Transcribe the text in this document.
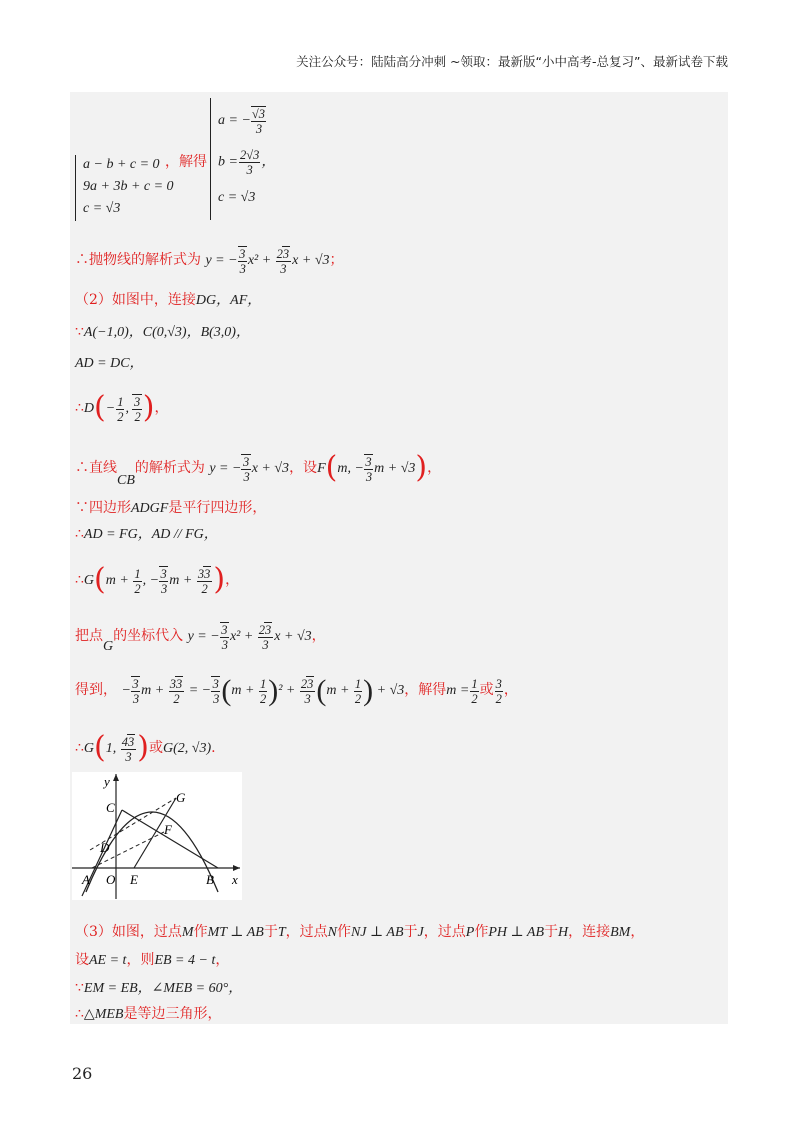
关注公众号：陆陆高分冲刺 ~领取：最新版“小中高考-总复习”、最新试卷下载
a − b + c = 0
9a + 3b + c = 0
c = √3
，解得
a = − $\frac{√3}{3}$
$b = \frac{2√3}{3}$ ，
c = √3
∴抛物线的解析式为 y = − $\frac{3}{3} x^2 + \frac{23}{3}$ x + √3；
（2）如图中，连接DG，AF，
∵A(−1,0)，C(0,√3)，B(3,0)，
AD = DC，
∴D(− $\frac{1}{2}$ , $\frac{3}{2}$ )，
∴直线CB的解析式为 y = − $\frac{3}{3}$ x + √3，设F(m, − $\frac{3}{3}$ m + √3)，
∵四边形ADGF是平行四边形，
∴AD = FG，AD // FG，
∴G(m + $\frac{1}{2}$ , − $\frac{3}{3}$ $m + \frac{33}{2}$ )，
把点G的坐标代入 y = − $\frac{3}{3} x^2 + \frac{23}{3}$ x + √3，
得到， − $\frac{3}{3}$ $m + \frac{33}{2}$ = − $\frac{3}{3} (m + \frac{1}{2} )^2 + \frac{23}{3} (m + \frac{1}{2}$ ) + √3，解得$m = \frac{1}{2}$ 或 $\frac{3}{2}$ ，
∴G(1, $\frac{43}{3}$ )或G(2, √3).
y
x
C
G
F
D
A O E	B
（3）如图，过点M作MT ⊥ AB于T，过点N作NJ ⊥ AB于J，过点P作PH ⊥ AB于H，连接BM，
设AE = t，则EB = 4 − t，
∵EM = EB，∠MEB = 60°，
∴△MEB是等边三角形，
26
